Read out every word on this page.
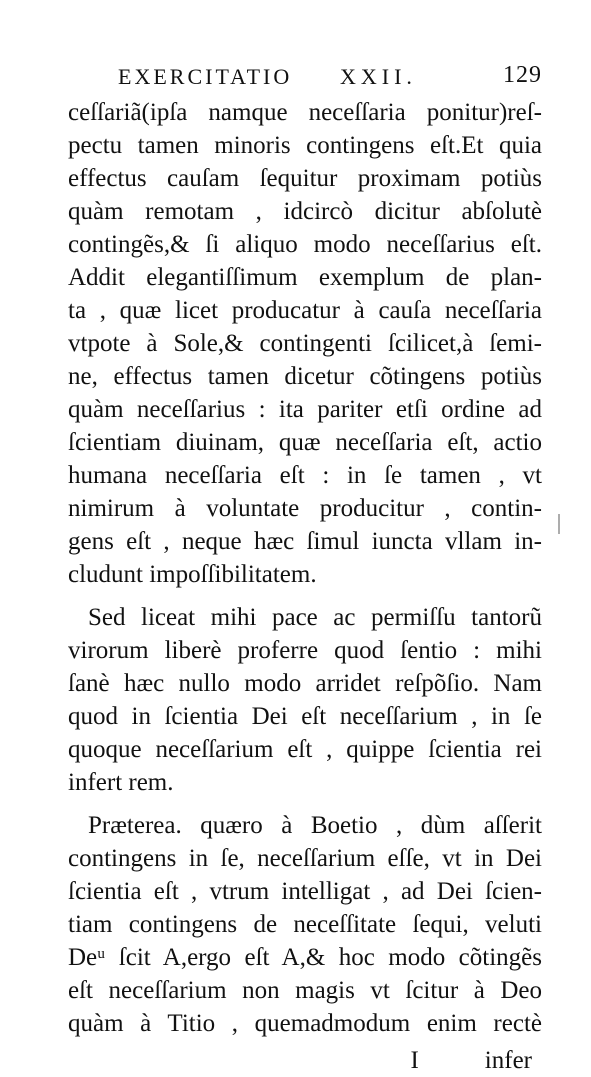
EXERCITATIO XXII.	129
ceſſariã(ipſa namque neceſſaria ponitur)reſ-
pectu tamen minoris contingens eſt.Et quia
effectus cauſam ſequitur proximam potiùs
quàm remotam , idcircò dicitur abſolutè
contingẽs,& ſi aliquo modo neceſſarius eſt.
Addit elegantiſſimum exemplum de plan-
ta , quæ licet producatur à cauſa neceſſaria
vtpote à Sole,& contingenti ſcilicet,à ſemi-
ne, effectus tamen dicetur cõtingens potiùs
quàm neceſſarius : ita pariter etſi ordine ad
ſcientiam diuinam, quæ neceſſaria eſt, actio
humana neceſſaria eſt : in ſe tamen , vt
nimirum à voluntate producitur , contin-
gens eſt , neque hæc ſimul iuncta vllam in-
cludunt impoſſibilitatem.
Sed liceat mihi pace ac permiſſu tantorũ
virorum liberè proferre quod ſentio : mihi
ſanè hæc nullo modo arridet reſpõſio. Nam
quod in ſcientia Dei eſt neceſſarium , in ſe
quoque neceſſarium eſt , quippe ſcientia rei
infert rem.
Præterea. quæro à Boetio , dùm aſſerit
contingens in ſe, neceſſarium eſſe, vt in Dei
ſcientia eſt , vtrum intelligat , ad Dei ſcien-
tiam contingens de neceſſitate ſequi, veluti
Deᵘ ſcit A,ergo eſt A,& hoc modo cõtingẽs
eſt neceſſarium non magis vt ſcitur à Deo
quàm à Titio , quemadmodum enim rectè
I	infer
